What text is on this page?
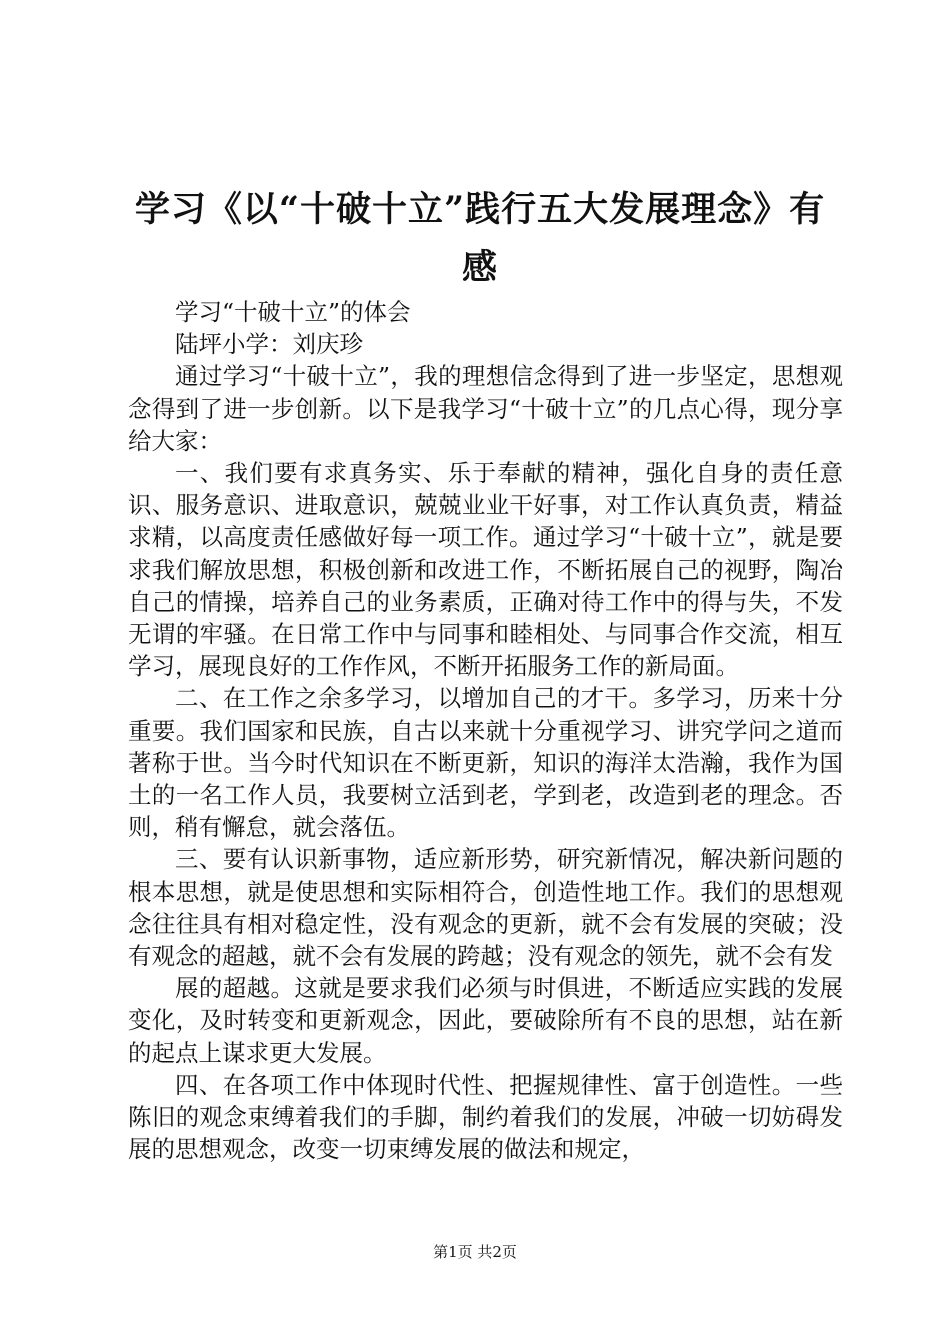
学习《以“十破十立”践行五大发展理念》有感

学习“十破十立”的体会

陆坪小学：刘庆珍

通过学习“十破十立”，我的理想信念得到了进一步坚定，思想观念得到了进一步创新。以下是我学习“十破十立”的几点心得，现分享给大家：

一、我们要有求真务实、乐于奉献的精神，强化自身的责任意识、服务意识、进取意识，兢兢业业干好事，对工作认真负责，精益求精，以高度责任感做好每一项工作。通过学习“十破十立”，就是要求我们解放思想，积极创新和改进工作，不断拓展自己的视野，陶冶自己的情操，培养自己的业务素质，正确对待工作中的得与失，不发无谓的牢骚。在日常工作中与同事和睦相处、与同事合作交流，相互学习，展现良好的工作作风，不断开拓服务工作的新局面。

二、在工作之余多学习，以增加自己的才干。多学习，历来十分重要。我们国家和民族，自古以来就十分重视学习、讲究学问之道而著称于世。当今时代知识在不断更新，知识的海洋太浩瀚，我作为国土的一名工作人员，我要树立活到老，学到老，改造到老的理念。否则，稍有懈怠，就会落伍。

三、要有认识新事物，适应新形势，研究新情况，解决新问题的根本思想，就是使思想和实际相符合，创造性地工作。我们的思想观念往往具有相对稳定性，没有观念的更新，就不会有发展的突破；没有观念的超越，就不会有发展的跨越；没有观念的领先，就不会有发

展的超越。这就是要求我们必须与时俱进，不断适应实践的发展变化，及时转变和更新观念，因此，要破除所有不良的思想，站在新的起点上谋求更大发展。

四、在各项工作中体现时代性、把握规律性、富于创造性。一些陈旧的观念束缚着我们的手脚，制约着我们的发展，冲破一切妨碍发展的思想观念，改变一切束缚发展的做法和规定，

第1页 共2页
